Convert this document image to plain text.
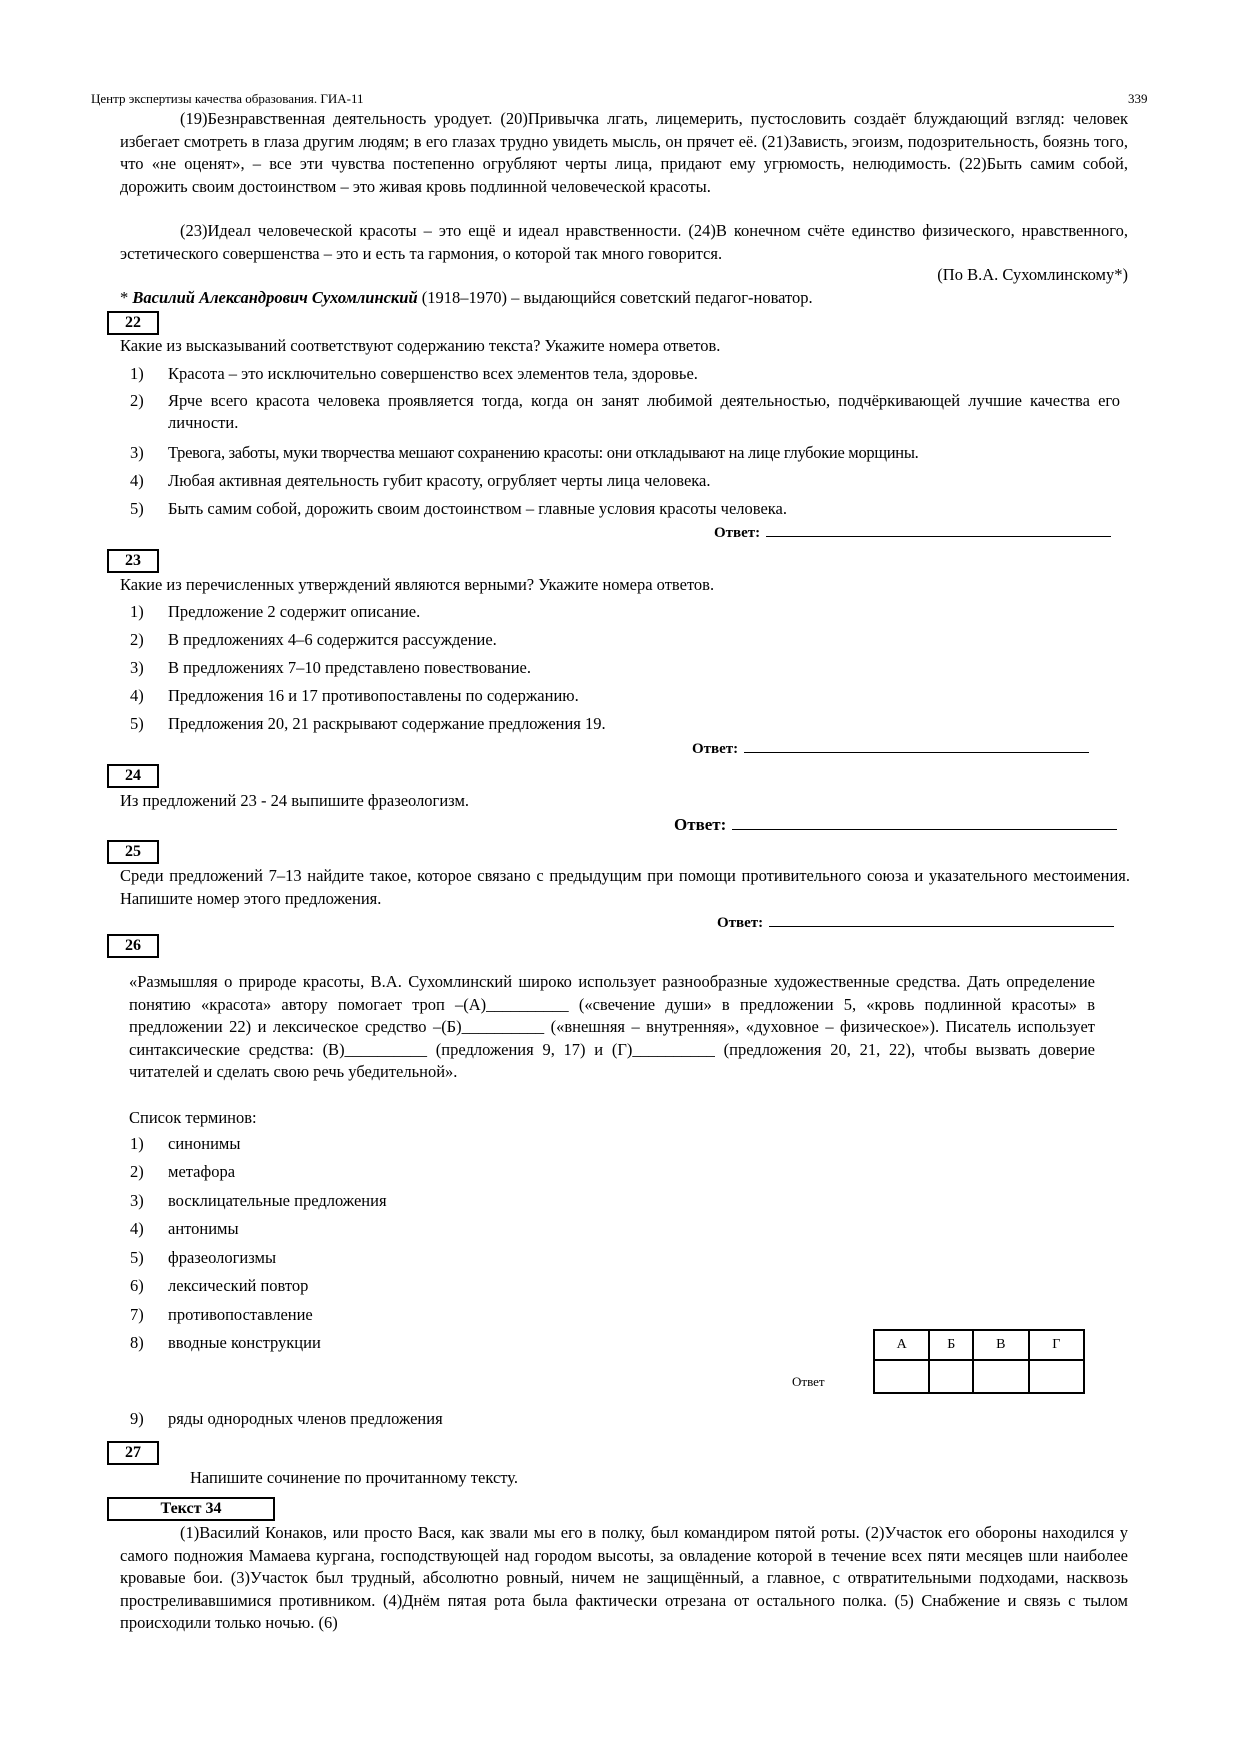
Центр экспертизы качества образования. ГИА-11	339
(19)Безнравственная деятельность уродует. (20)Привычка лгать, лицемерить, пустословить создаёт блуждающий взгляд: человек избегает смотреть в глаза другим людям; в его глазах трудно увидеть мысль, он прячет её. (21)Зависть, эгоизм, подозрительность, боязнь того, что «не оценят», – все эти чувства постепенно огрубляют черты лица, придают ему угрюмость, нелюдимость. (22)Быть самим собой, дорожить своим достоинством – это живая кровь подлинной человеческой красоты.
(23)Идеал человеческой красоты – это ещё и идеал нравственности. (24)В конечном счёте единство физического, нравственного, эстетического совершенства – это и есть та гармония, о которой так много говорится.
(По В.А. Сухомлинскому*)
* Василий Александрович Сухомлинский (1918–1970) – выдающийся советский педагог-новатор.
22
Какие из высказываний соответствуют содержанию текста? Укажите номера ответов.
1) Красота – это исключительно совершенство всех элементов тела, здоровье.
2) Ярче всего красота человека проявляется тогда, когда он занят любимой деятельностью, подчёркивающей лучшие качества его личности.
3) Тревога, заботы, муки творчества мешают сохранению красоты: они откладывают на лице глубокие морщины.
4) Любая активная деятельность губит красоту, огрубляет черты лица человека.
5) Быть самим собой, дорожить своим достоинством – главные условия красоты человека.
Ответ:
23
Какие из перечисленных утверждений являются верными? Укажите номера ответов.
1) Предложение 2 содержит описание.
2) В предложениях 4–6 содержится рассуждение.
3) В предложениях 7–10 представлено повествование.
4) Предложения 16 и 17 противопоставлены по содержанию.
5) Предложения 20, 21 раскрывают содержание предложения 19.
Ответ:
24
Из предложений 23 - 24 выпишите фразеологизм.
Ответ:
25
Среди предложений 7–13 найдите такое, которое связано с предыдущим при помощи противительного союза и указательного местоимения. Напишите номер этого предложения.
Ответ:
26
«Размышляя о природе красоты, В.А. Сухомлинский широко использует разнообразные художественные средства. Дать определение понятию «красота» автору помогает троп –(А)__________ («свечение души» в предложении 5, «кровь подлинной красоты» в предложении 22) и лексическое средство –(Б)__________ («внешняя – внутренняя», «духовное – физическое»). Писатель использует синтаксические средства: (В)__________ (предложения 9, 17) и (Г)__________ (предложения 20, 21, 22), чтобы вызвать доверие читателей и сделать свою речь убедительной».
Список терминов:
1) синонимы
2) метафора
3) восклицательные предложения
4) антонимы
5) фразеологизмы
6) лексический повтор
7) противопоставление
8) вводные конструкции
Ответ
А	Б	В	Г

9) ряды однородных членов предложения
27
Напишите сочинение по прочитанному тексту.
Текст 34
(1)Василий Конаков, или просто Вася, как звали мы его в полку, был командиром пятой роты. (2)Участок его обороны находился у самого подножия Мамаева кургана, господствующей над городом высоты, за овладение которой в течение всех пяти месяцев шли наиболее кровавые бои. (3)Участок был трудный, абсолютно ровный, ничем не защищённый, а главное, с отвратительными подходами, насквозь простреливавшимися противником. (4)Днём пятая рота была фактически отрезана от остального полка. (5) Снабжение и связь с тылом происходили только ночью. (6)
